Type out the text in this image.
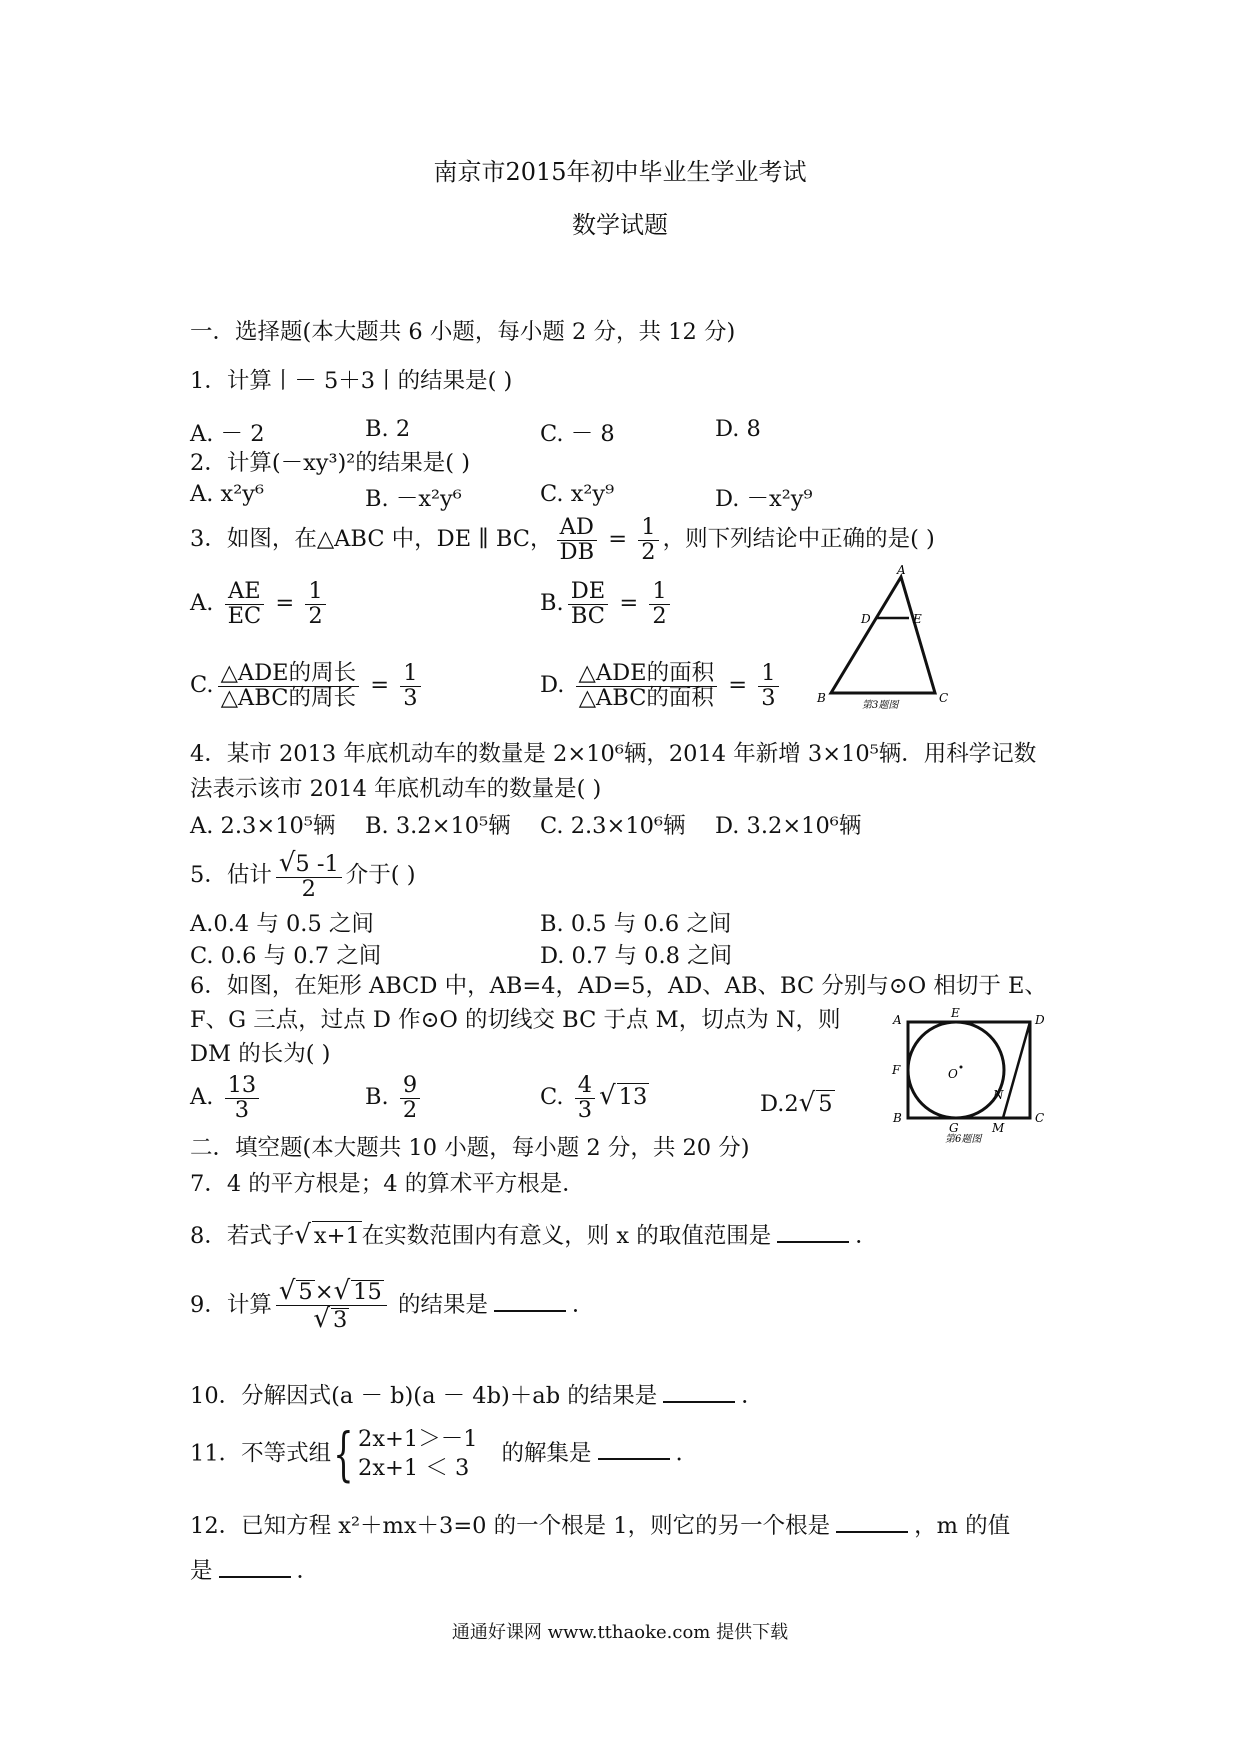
南京市2015年初中毕业生学业考试
数学试题
一．选择题(本大题共 6 小题，每小题 2 分，共 12 分)
1．计算丨－ 5＋3丨的结果是( )
A. － 2	B. 2	C. － 8	D. 8
2．计算(－xy³)²的结果是( )
A. x²y⁶	B. －x²y⁶	C. x²y⁹	D. －x²y⁹
3．如图，在△ABC 中，DE ∥ BC， $\frac{AD}{DB} = \frac{1}{2}$ ，则下列结论中正确的是( )
A. $\frac{AE}{EC} = \frac{1}{2}$	B. $\frac{DE}{BC} = \frac{1}{2}$
C. $\frac{\text{△ADE的周长}}{\text{△ABC的周长}} = \frac{1}{3}$	D. $\frac{\text{△ADE的面积}}{\text{△ABC的面积}} = \frac{1}{3}$
A
D	E
B	C
第3题图
4．某市 2013 年底机动车的数量是 2×10⁶辆，2014 年新增 3×10⁵辆．用科学记数
法表示该市 2014 年底机动车的数量是( )
A. 2.3×10⁵辆 B. 3.2×10⁵辆 C. 2.3×10⁶辆 D. 3.2×10⁶辆
5．估计 $\frac{√5 -1}{2}$ 介于( )
A.0.4 与 0.5 之间	B. 0.5 与 0.6 之间
C. 0.6 与 0.7 之间	D. 0.7 与 0.8 之间
6．如图，在矩形 ABCD 中，AB=4，AD=5，AD、AB、BC 分别与⊙O 相切于 E、
F、G 三点，过点 D 作⊙O 的切线交 BC 于点 M，切点为 N，则
DM 的长为( )
A. $\frac{13}{3}$	B. $\frac{9}{2}$	C. $\frac{4}{3}$ √ 13	D.2√ 5
A	E	D
F	O
N
B
G	M
C
第6题图
二．填空题(本大题共 10 小题，每小题 2 分，共 20 分)
7．4 的平方根是；4 的算术平方根是．
8．若式子√ x+1在实数范围内有意义，则 x 的取值范围是	．
9．计算 $\frac{√ 5\times√ 15}{√ 3}$ 的结果是	．
10．分解因式(a － b)(a － 4b)＋ab 的结果是	．
11．不等式组{ 2x+1＞－1
2x+1 ＜ 3
的解集是	．
12．已知方程 x²＋mx＋3=0 的一个根是 1，则它的另一个根是	，m 的值
是	．
通通好课网 www.tthaoke.com 提供下载
